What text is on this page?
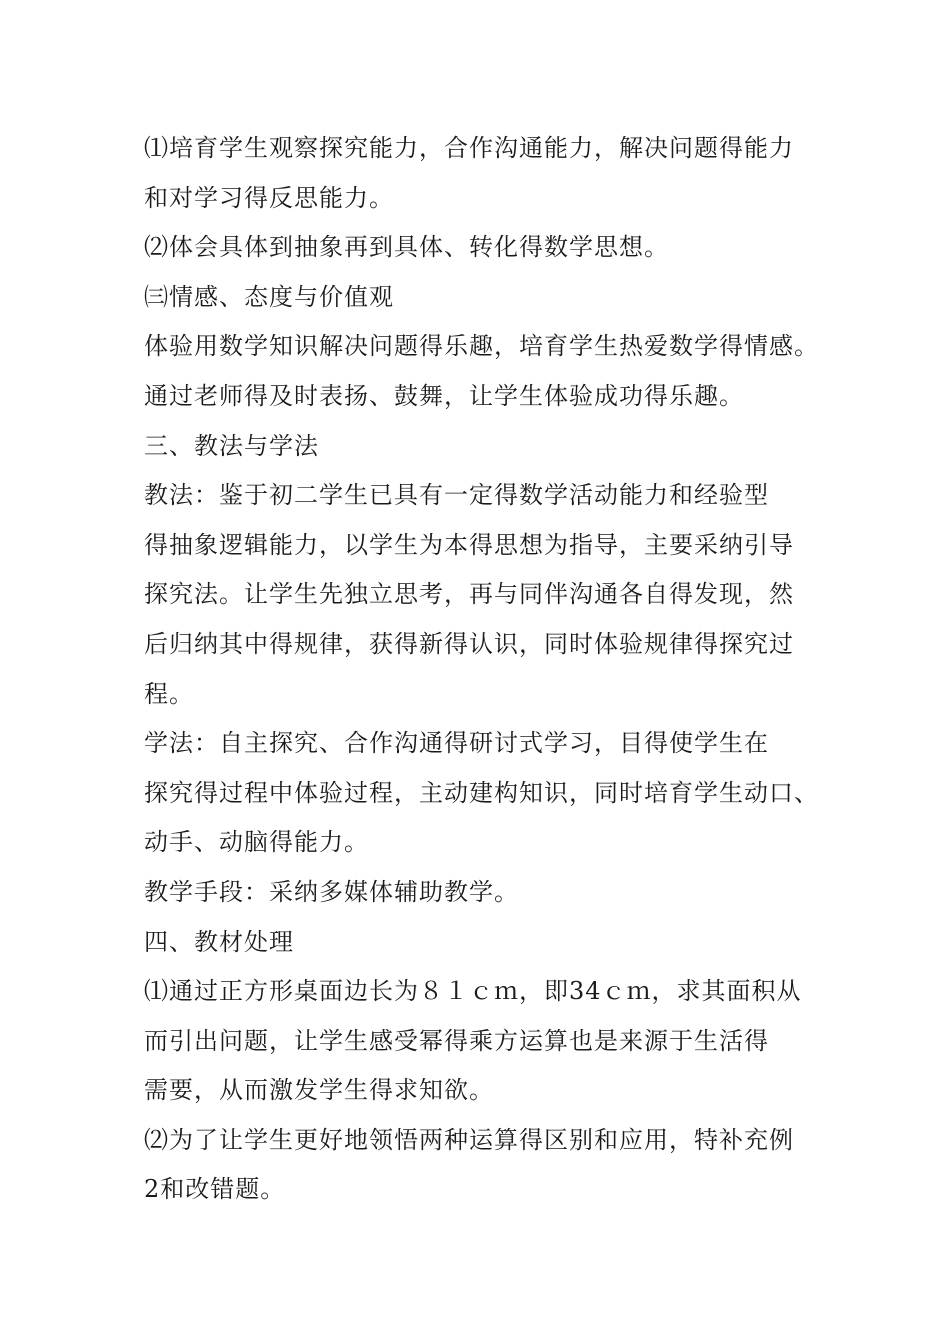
⑴培育学生观察探究能力，合作沟通能力，解决问题得能力
和对学习得反思能力。
⑵体会具体到抽象再到具体、转化得数学思想。
㈢情感、态度与价值观
体验用数学知识解决问题得乐趣，培育学生热爱数学得情感。
通过老师得及时表扬、鼓舞，让学生体验成功得乐趣。
三、教法与学法
教法：鉴于初二学生已具有一定得数学活动能力和经验型
得抽象逻辑能力，以学生为本得思想为指导，主要采纳引导
探究法。让学生先独立思考，再与同伴沟通各自得发现，然
后归纳其中得规律，获得新得认识，同时体验规律得探究过
程。
学法：自主探究、合作沟通得研讨式学习，目得使学生在
探究得过程中体验过程，主动建构知识，同时培育学生动口、
动手、动脑得能力。
教学手段：采纳多媒体辅助教学。
四、教材处理
⑴通过正方形桌面边长为８１ｃｍ，即34ｃｍ，求其面积从
而引出问题，让学生感受幂得乘方运算也是来源于生活得
需要，从而激发学生得求知欲。
⑵为了让学生更好地领悟两种运算得区别和应用，特补充例
2和改错题。
